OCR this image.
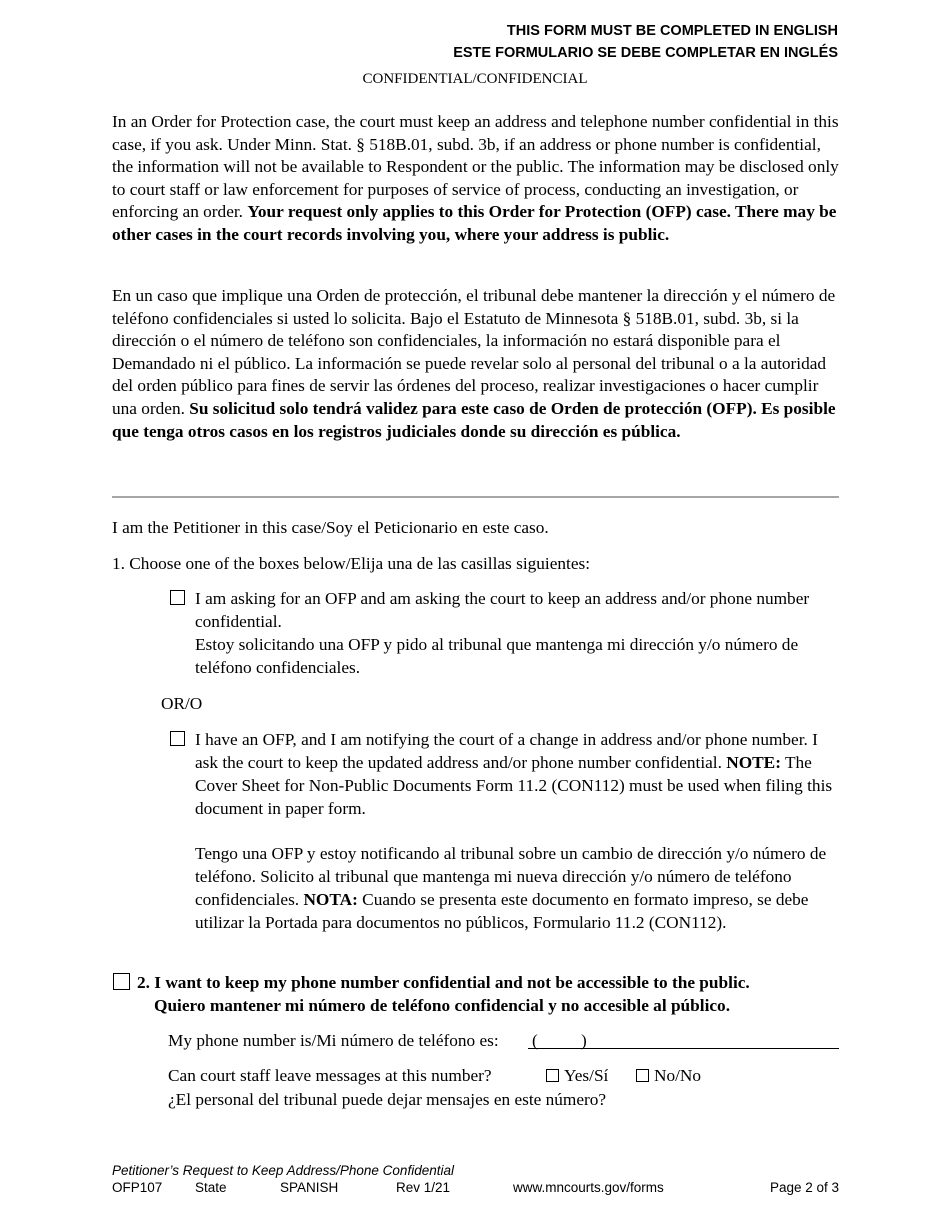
THIS FORM MUST BE COMPLETED IN ENGLISH
ESTE FORMULARIO SE DEBE COMPLETAR EN INGLÉS
CONFIDENTIAL/CONFIDENCIAL
In an Order for Protection case, the court must keep an address and telephone number confidential in this case, if you ask. Under Minn. Stat. § 518B.01, subd. 3b, if an address or phone number is confidential, the information will not be available to Respondent or the public. The information may be disclosed only to court staff or law enforcement for purposes of service of process, conducting an investigation, or enforcing an order. Your request only applies to this Order for Protection (OFP) case. There may be other cases in the court records involving you, where your address is public.
En un caso que implique una Orden de protección, el tribunal debe mantener la dirección y el número de teléfono confidenciales si usted lo solicita. Bajo el Estatuto de Minnesota § 518B.01, subd. 3b, si la dirección o el número de teléfono son confidenciales, la información no estará disponible para el Demandado ni el público. La información se puede revelar solo al personal del tribunal o a la autoridad del orden público para fines de servir las órdenes del proceso, realizar investigaciones o hacer cumplir una orden. Su solicitud solo tendrá validez para este caso de Orden de protección (OFP). Es posible que tenga otros casos en los registros judiciales donde su dirección es pública.
I am the Petitioner in this case/Soy el Peticionario en este caso.
1. Choose one of the boxes below/Elija una de las casillas siguientes:
I am asking for an OFP and am asking the court to keep an address and/or phone number confidential.
Estoy solicitando una OFP y pido al tribunal que mantenga mi dirección y/o número de teléfono confidenciales.
OR/O
I have an OFP, and I am notifying the court of a change in address and/or phone number. I ask the court to keep the updated address and/or phone number confidential. NOTE: The Cover Sheet for Non-Public Documents Form 11.2 (CON112) must be used when filing this document in paper form.
Tengo una OFP y estoy notificando al tribunal sobre un cambio de dirección y/o número de teléfono. Solicito al tribunal que mantenga mi nueva dirección y/o número de teléfono confidenciales. NOTA: Cuando se presenta este documento en formato impreso, se debe utilizar la Portada para documentos no públicos, Formulario 11.2 (CON112).
2. I want to keep my phone number confidential and not be accessible to the public.
Quiero mantener mi número de teléfono confidencial y no accesible al público.
My phone number is/Mi número de teléfono es: (          )
Can court staff leave messages at this number?	Yes/Sí	No/No
¿El personal del tribunal puede dejar mensajes en este número?
Petitioner’s Request to Keep Address/Phone Confidential
OFP107 State	SPANISH	Rev 1/21	www.mncourts.gov/forms	Page 2 of 3
